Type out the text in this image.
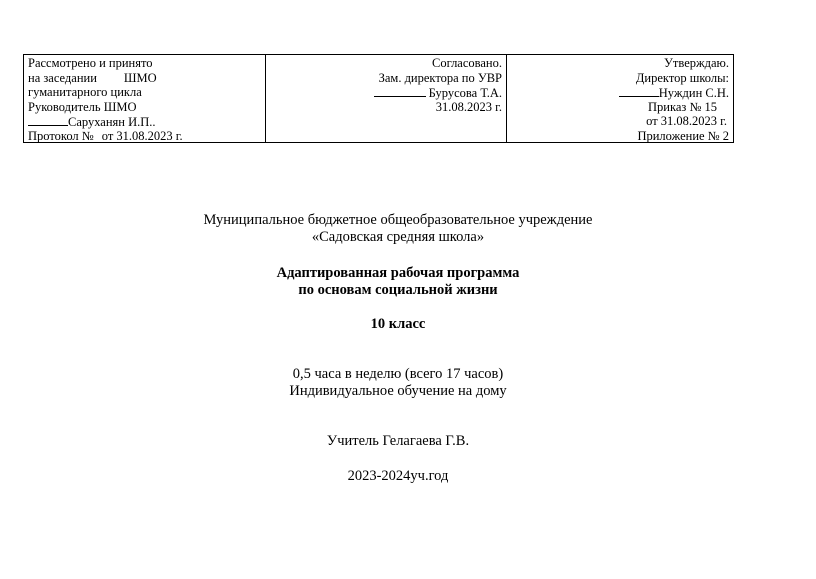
Рассмотрено и принято
на заседании ШМО
гуманитарного цикла
Руководитель ШМО
Саруханян И.П..
Протокол № от 31.08.2023 г.
Согласовано.
Зам. директора по УВР
Бурусова Т.А.
31.08.2023 г.
Утверждаю.
Директор школы:
Нуждин С.Н.
Приказ № 15
от 31.08.2023 г.
Приложение № 2
Муниципальное бюджетное общеобразовательное учреждение
«Садовская средняя школа»
Адаптированная рабочая программа
по основам социальной жизни
10 класс
0,5 часа в неделю (всего 17 часов)
Индивидуальное обучение на дому
Учитель Гелагаева Г.В.
2023-2024уч.год
